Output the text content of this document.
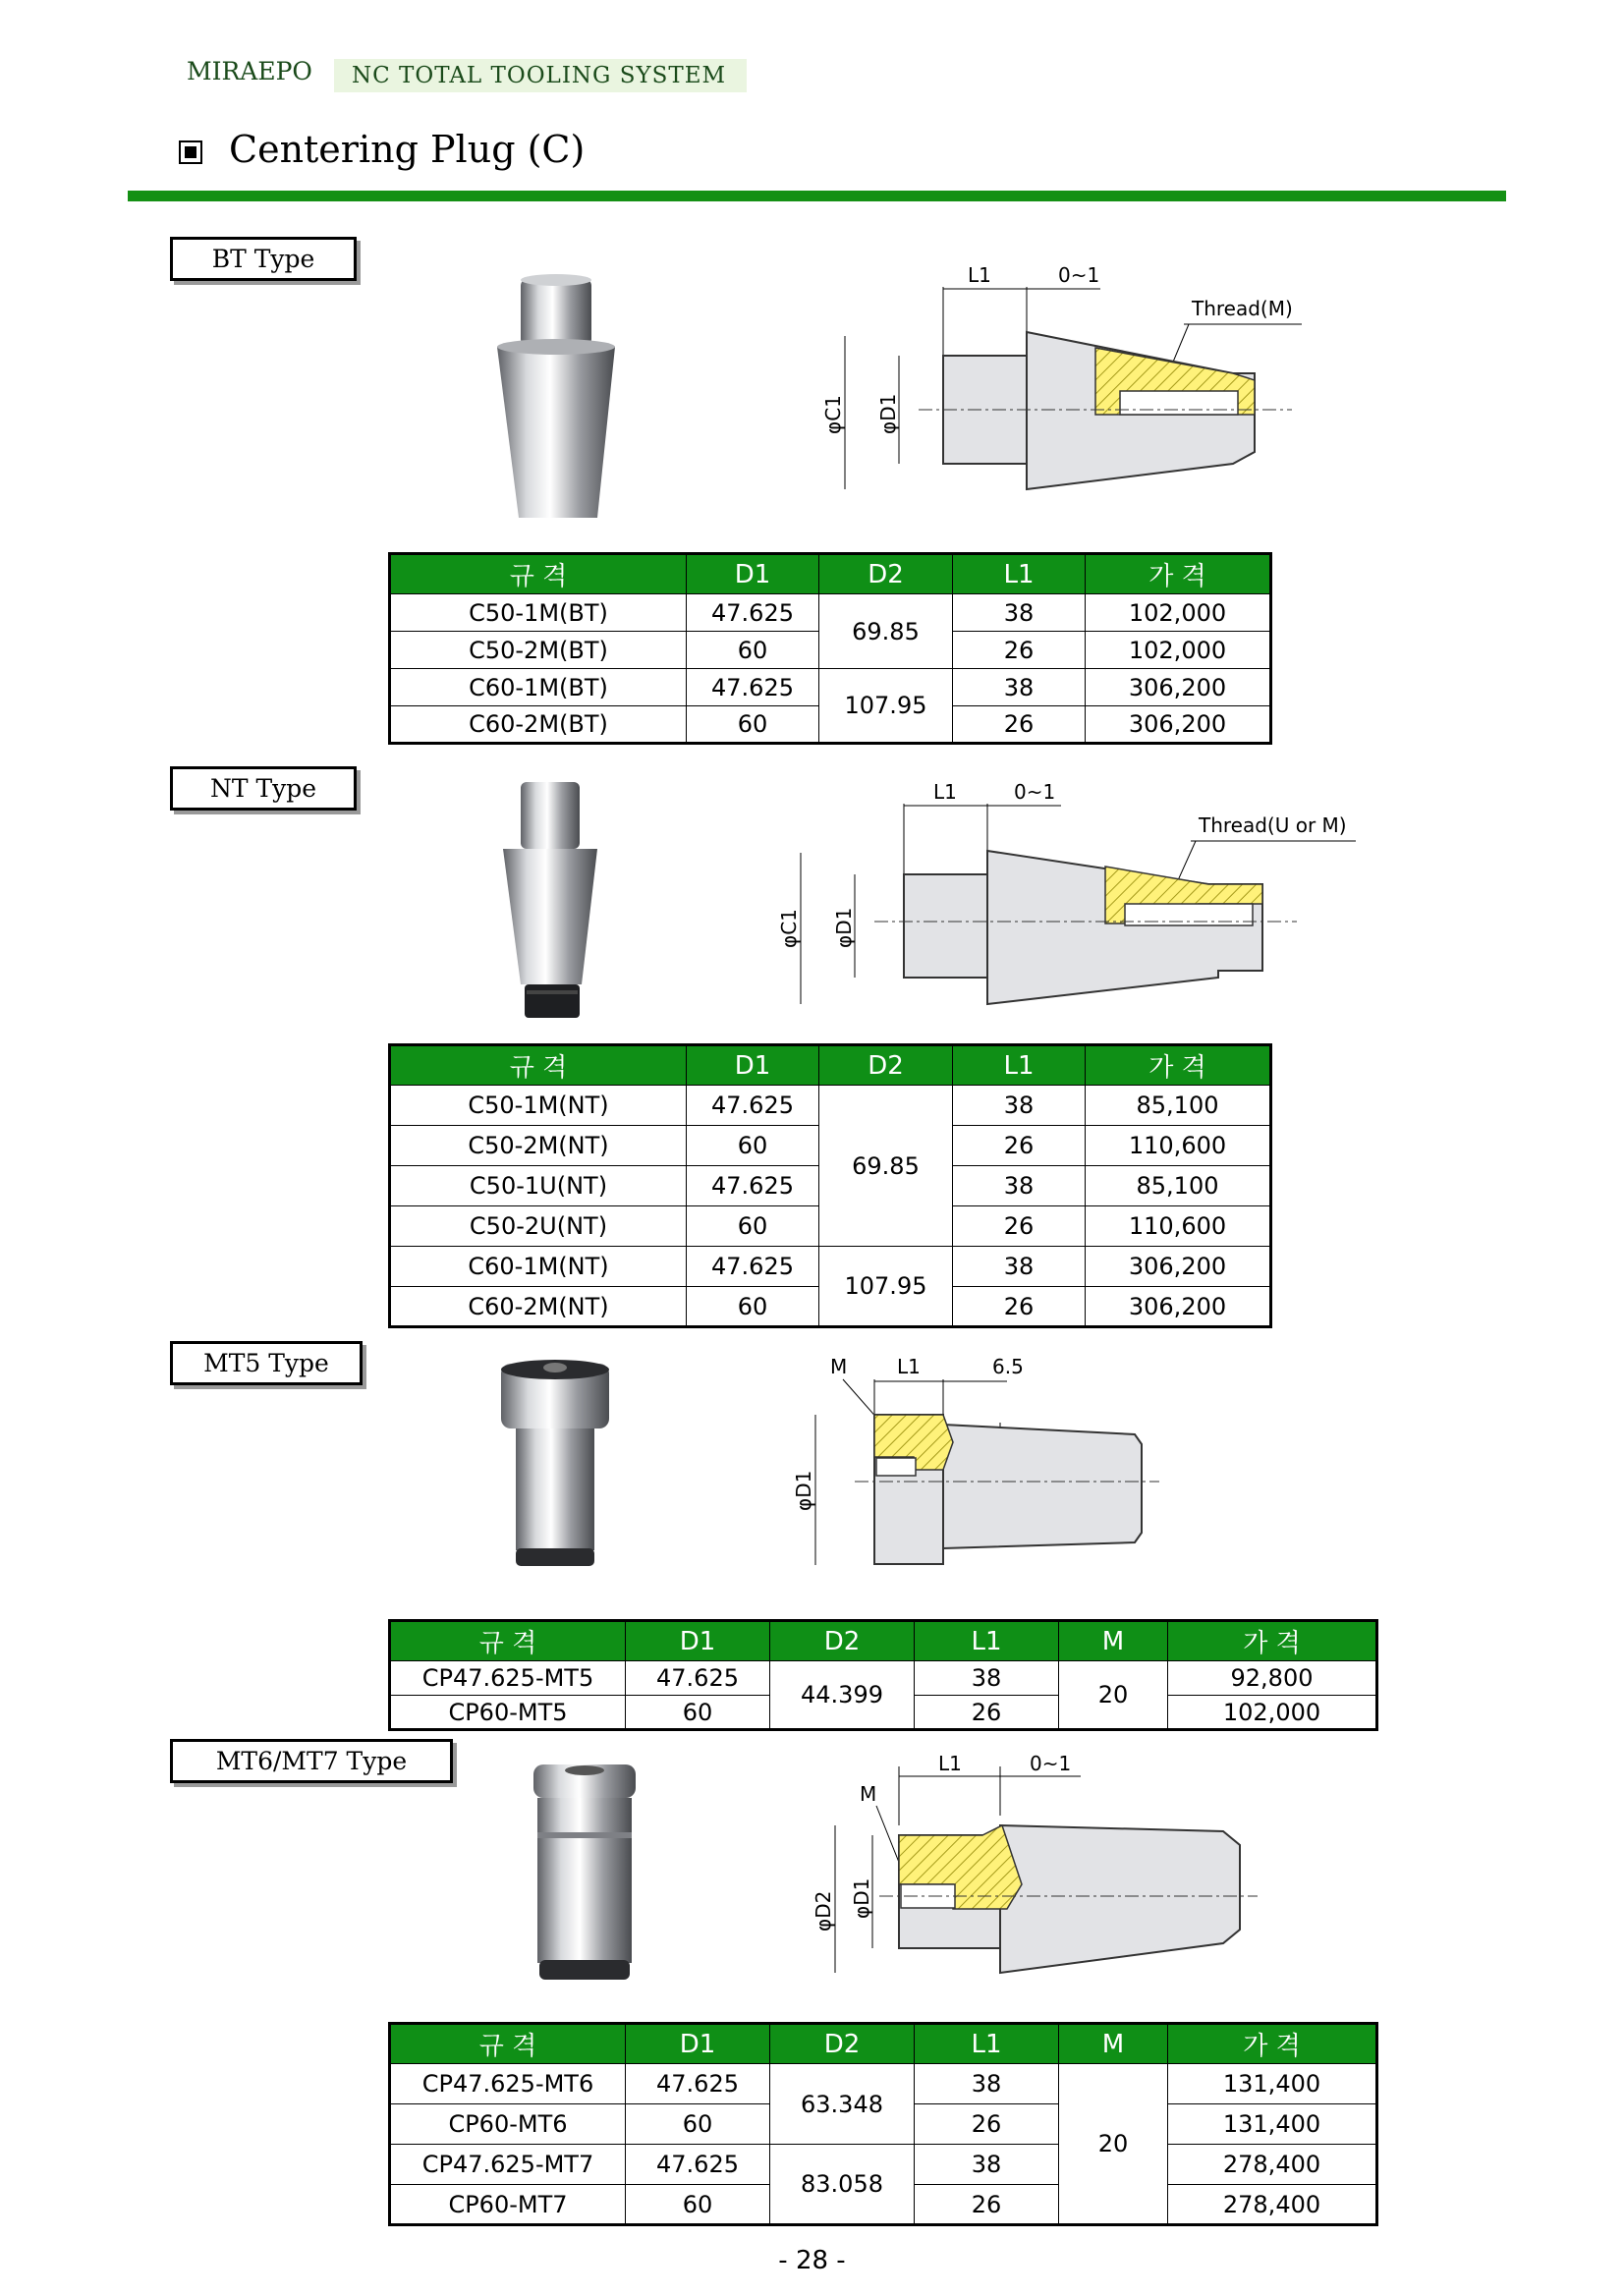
MIRAEPO	NC TOTAL TOOLING SYSTEM
Centering Plug (C)
BT Type
L1	0~1
Thread(M)
φC1 φD1
규 격	D1	D2	L1	가 격
C50-1M(BT)	47.625	69.85	38	102,000
C50-2M(BT)	60		26	102,000
C60-1M(BT)	47.625	107.95	38	306,200
C60-2M(BT)	60		26	306,200
NT Type	L1	0~1
Thread(U or M)
φC1 φD1
규 격	D1	D2	L1	가 격
C50-1M(NT)	47.625	69.85	38	85,100
C50-2M(NT)	60		26	110,600
C50-1U(NT)	47.625		38	85,100
C50-2U(NT)	60		26	110,600
C60-1M(NT)	47.625	107.95	38	306,200
C60-2M(NT)	60		26	306,200
MT5 Type	M	L1	6.5
φD1
규 격	D1	D2	L1	M	가 격
CP47.625-MT5	47.625	44.399	38	20	92,800
CP60-MT5	60		26		102,000
MT6/MT7 Type	L1	0~1
M
φD2 φD1
규 격	D1	D2	L1	M	가 격
CP47.625-MT6	47.625	63.348	38	20	131,400
CP60-MT6	60		26		131,400
CP47.625-MT7	47.625	83.058	38		278,400
CP60-MT7	60		26		278,400
- 28 -
